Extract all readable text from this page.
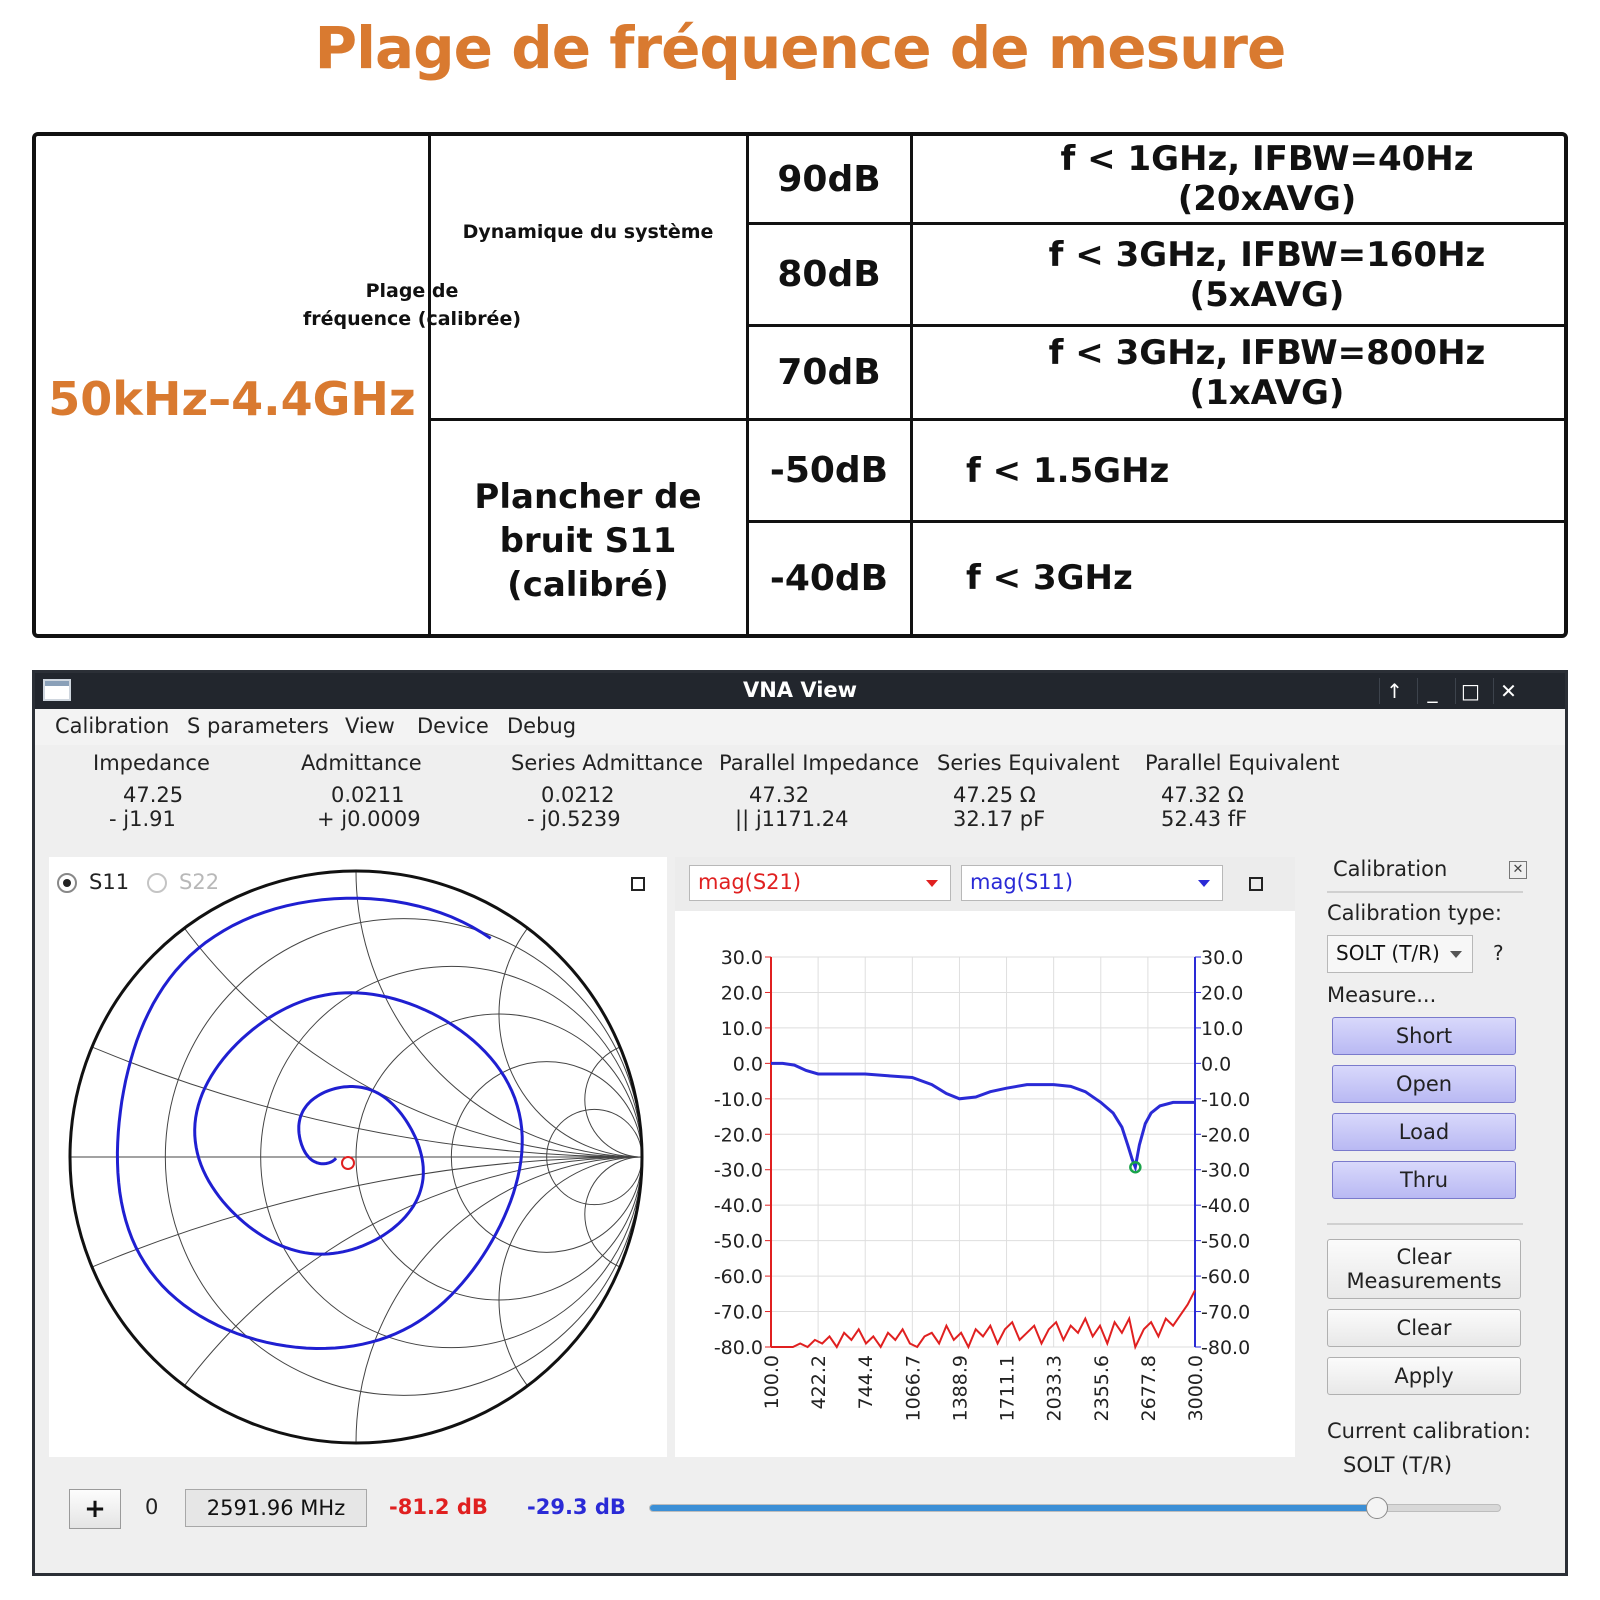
Plage de fréquence de mesure
Plage de
fréquence (calibrée)
50kHz–4.4GHz
Dynamique du système
Plancher de
bruit S11
(calibré)
90dB	f < 1GHz, IFBW=40Hz (20xAVG)
80dB	f < 3GHz, IFBW=160Hz (5xAVG)
70dB	f < 3GHz, IFBW=800Hz (1xAVG)
-50dB	f < 1.5GHz
-40dB	f < 3GHz
VNA View	↑	_	□	✕
Calibration S parameters View Device Debug
Impedance
47.25
- j1.91
Admittance
0.0211
+ j0.0009
Series Admittance
0.0212
- j0.5239
Parallel Impedance
47.32
|| j1171.24
Series Equivalent
47.25 Ω
32.17 pF
Parallel Equivalent
47.32 Ω
52.43 fF
S11 S22	mag(S21)	mag(S11)
30.0
20.0
10.0
0.0
-10.0
-20.0
-30.0
-40.0
-50.0
-60.0
-70.0
-80.0
30.0
20.0
10.0
0.0
-10.0
-20.0
-30.0
-40.0
-50.0
-60.0
-70.0
-80.0
100.0 422.2 744.4 1066.7 1388.9 1711.1 2033.3 2355.6 2677.8 3000.0
Calibration	✕
Calibration type:
SOLT (T/R)	?
Measure...
Short
Open
Load
Thru
Clear
Measurements
Clear
Apply
Current calibration:
SOLT (T/R)
+	0	2591.96 MHz	-81.2 dB -29.3 dB
